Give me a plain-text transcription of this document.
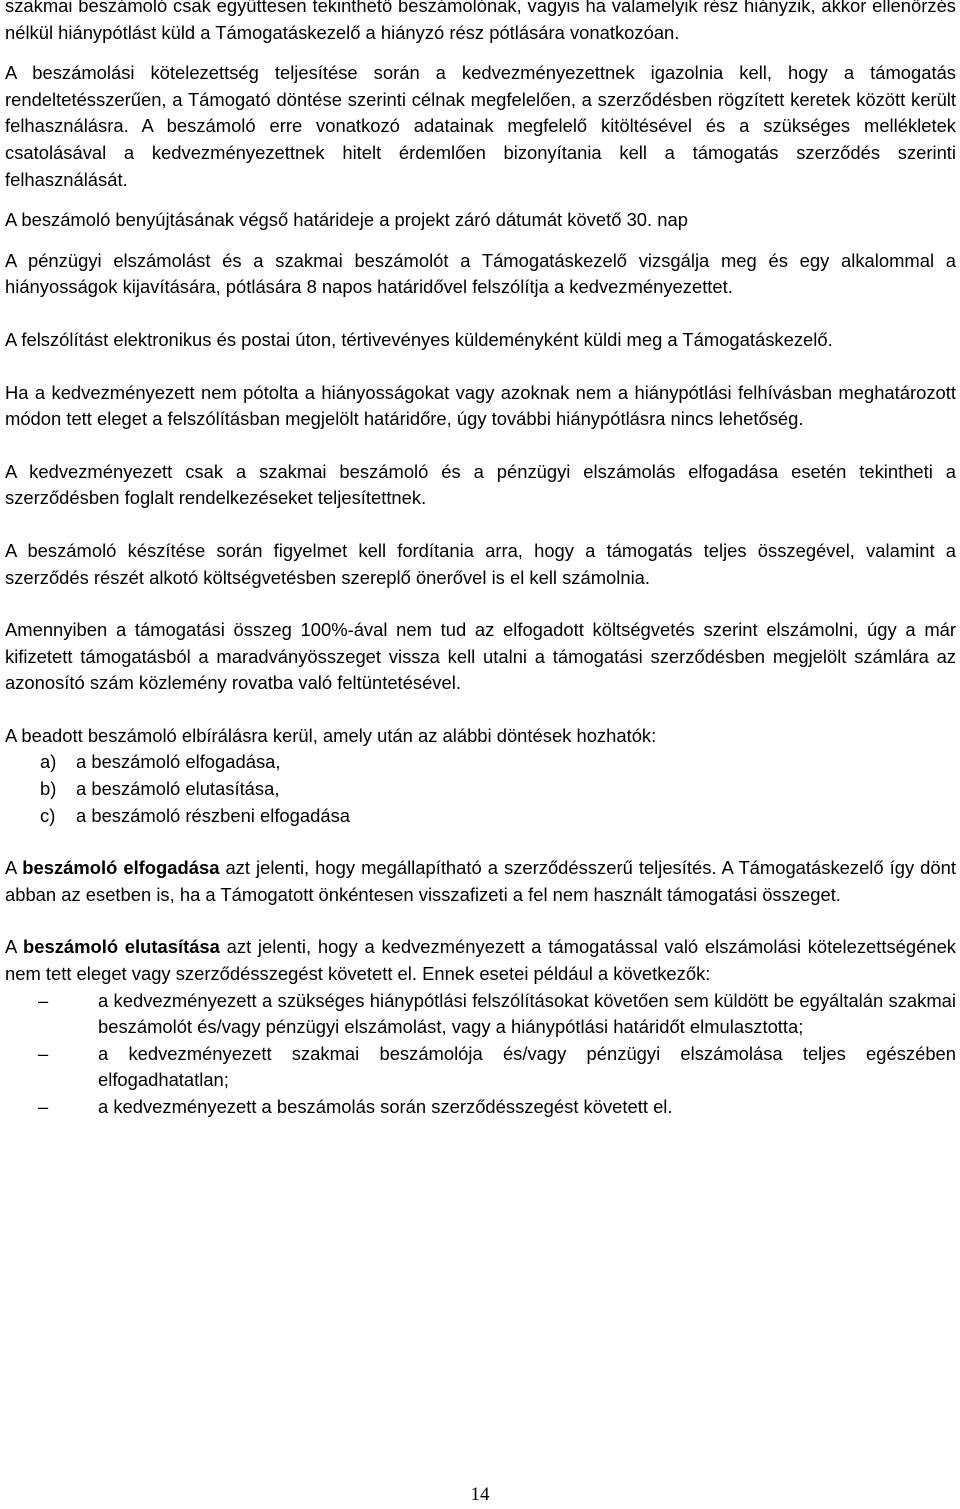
szakmai beszámoló csak együttesen tekinthető beszámolónak, vagyis ha valamelyik rész hiányzik, akkor ellenőrzés nélkül hiánypótlást küld a Támogatáskezelő a hiányzó rész pótlására vonatkozóan.

A beszámolási kötelezettség teljesítése során a kedvezményezettnek igazolnia kell, hogy a támogatás rendeltetésszerűen, a Támogató döntése szerinti célnak megfelelően, a szerződésben rögzített keretek között került felhasználásra. A beszámoló erre vonatkozó adatainak megfelelő kitöltésével és a szükséges mellékletek csatolásával a kedvezményezettnek hitelt érdemlően bizonyítania kell a támogatás szerződés szerinti felhasználását.

A beszámoló benyújtásának végső határideje a projekt záró dátumát követő 30. nap

A pénzügyi elszámolást és a szakmai beszámolót a Támogatáskezelő vizsgálja meg és egy alkalommal a hiányosságok kijavítására, pótlására 8 napos határidővel felszólítja a kedvezményezettet.

A felszólítást elektronikus és postai úton, tértivevényes küldeményként küldi meg a Támogatáskezelő.

Ha a kedvezményezett nem pótolta a hiányosságokat vagy azoknak nem a hiánypótlási felhívásban meghatározott módon tett eleget a felszólításban megjelölt határidőre, úgy további hiánypótlásra nincs lehetőség.

A kedvezményezett csak a szakmai beszámoló és a pénzügyi elszámolás elfogadása esetén tekintheti a szerződésben foglalt rendelkezéseket teljesítettnek.

A beszámoló készítése során figyelmet kell fordítania arra, hogy a támogatás teljes összegével, valamint a szerződés részét alkotó költségvetésben szereplő önerővel is el kell számolnia.

Amennyiben a támogatási összeg 100%-ával nem tud az elfogadott költségvetés szerint elszámolni, úgy a már kifizetett támogatásból a maradványösszeget vissza kell utalni a támogatási szerződésben megjelölt számlára az azonosító szám közlemény rovatba való feltüntetésével.

A beadott beszámoló elbírálásra kerül, amely után az alábbi döntések hozhatók:

a) a beszámoló elfogadása,
b) a beszámoló elutasítása,
c) a beszámoló részbeni elfogadása

A beszámoló elfogadása azt jelenti, hogy megállapítható a szerződésszerű teljesítés. A Támogatáskezelő így dönt abban az esetben is, ha a Támogatott önkéntesen visszafizeti a fel nem használt támogatási összeget.

A beszámoló elutasítása azt jelenti, hogy a kedvezményezett a támogatással való elszámolási kötelezettségének nem tett eleget vagy szerződésszegést követett el. Ennek esetei például a következők:

–	a kedvezményezett a szükséges hiánypótlási felszólításokat követően sem küldött be egyáltalán szakmai beszámolót és/vagy pénzügyi elszámolást, vagy a hiánypótlási határidőt elmulasztotta;
–	a kedvezményezett szakmai beszámolója és/vagy pénzügyi elszámolása teljes egészében elfogadhatatlan;
–	a kedvezményezett a beszámolás során szerződésszegést követett el.
14
